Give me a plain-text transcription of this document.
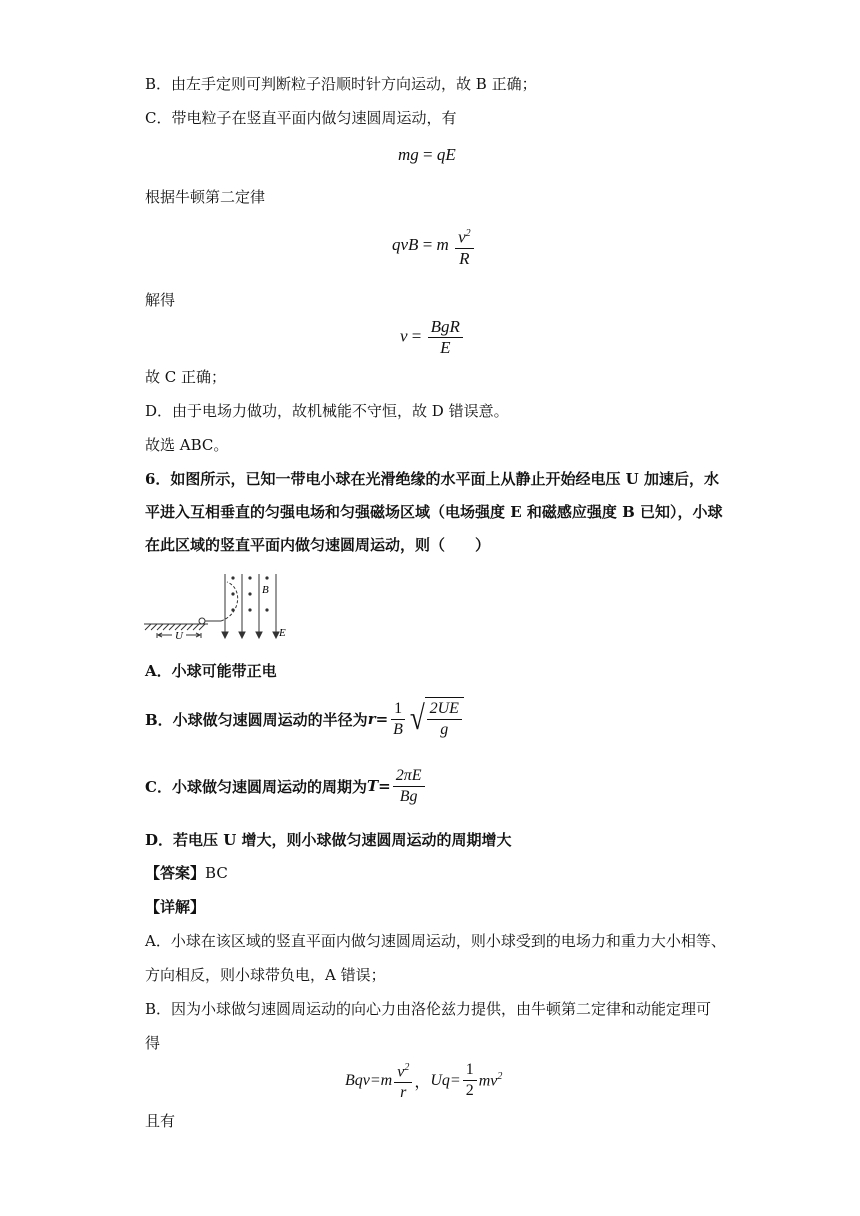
B．由左手定则可判断粒子沿顺时针方向运动，故 B 正确；
C．带电粒子在竖直平面内做匀速圆周运动，有
mg = qE
根据牛顿第二定律
qvB = m $\frac{v^2}{R}$
解得
$v = \frac{\text{BgR}}{E}$
故 C 正确；
D．由于电场力做功，故机械能不守恒，故 D 错误意。
故选 ABC。
6．如图所示，已知一带电小球在光滑绝缘的水平面上从静止开始经电压 U 加速后，水
平进入互相垂直的匀强电场和匀强磁场区域（电场强度 E 和磁感应强度 B 已知），小球
在此区域的竖直平面内做匀速圆周运动，则（　　）
U
B
E
A．小球可能带正电
B．小球做匀速圆周运动的半径为 $r = \frac{1}{B}$ √ $\frac{2UE}{g}$
C．小球做匀速圆周运动的周期为 $T = \frac{2\pi E}{Bg}$
D．若电压 U 增大，则小球做匀速圆周运动的周期增大
【答案】BC
【详解】
A．小球在该区域的竖直平面内做匀速圆周运动，则小球受到的电场力和重力大小相等、
方向相反，则小球带负电，A 错误；
B．因为小球做匀速圆周运动的向心力由洛伦兹力提供，由牛顿第二定律和动能定理可
得
$Bqv=m \frac{v^2}{r}$ ， $Uq= \frac{1}{2} mv^2$
且有
